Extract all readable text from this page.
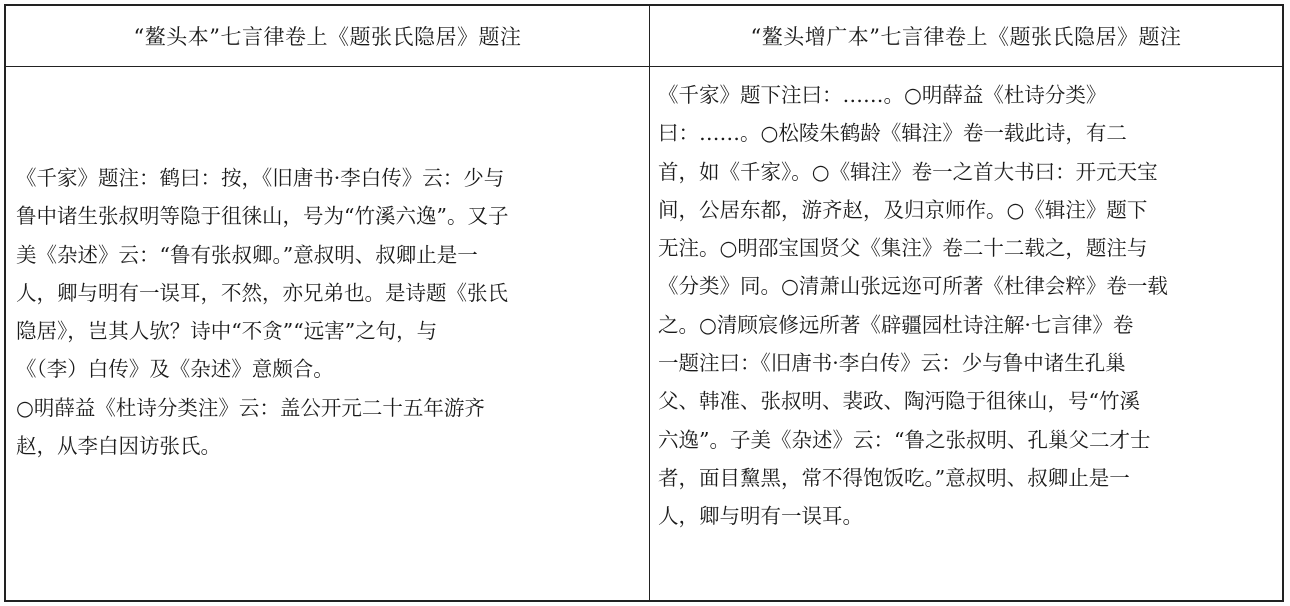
“鳌头本”七言律卷上《题张氏隐居》题注	“鳌头增广本”七言律卷上《题张氏隐居》题注
《千家》题注：鹤曰：按，《旧唐书·李白传》云：少与
鲁中诸生张叔明等隐于徂徕山，号为“竹溪六逸”。又子
美《杂述》云：“鲁有张叔卿。”意叔明、叔卿止是一
人，卿与明有一误耳，不然，亦兄弟也。是诗题《张氏
隐居》，岂其人欤？诗中“不贪”“远害”之句，与
《（李）白传》及《杂述》意颇合。
○明薛益《杜诗分类注》云：盖公开元二十五年游齐
赵，从李白因访张氏。
《千家》题下注曰：……。○明薛益《杜诗分类》
曰：……。○松陵朱鹤龄《辑注》卷一载此诗，有二
首，如《千家》。○《辑注》卷一之首大书曰：开元天宝
间，公居东都，游齐赵，及归京师作。○《辑注》题下
无注。○明邵宝国贤父《集注》卷二十二载之，题注与
《分类》同。○清萧山张远迩可所著《杜律会粹》卷一载
之。○清顾宸修远所著《辟疆园杜诗注解·七言律》卷
一题注曰：《旧唐书·李白传》云：少与鲁中诸生孔巢
父、韩准、张叔明、裴政、陶沔隐于徂徕山，号“竹溪
六逸”。子美《杂述》云：“鲁之张叔明、孔巢父二才士
者，面目黧黑，常不得饱饭吃。”意叔明、叔卿止是一
人，卿与明有一误耳。
